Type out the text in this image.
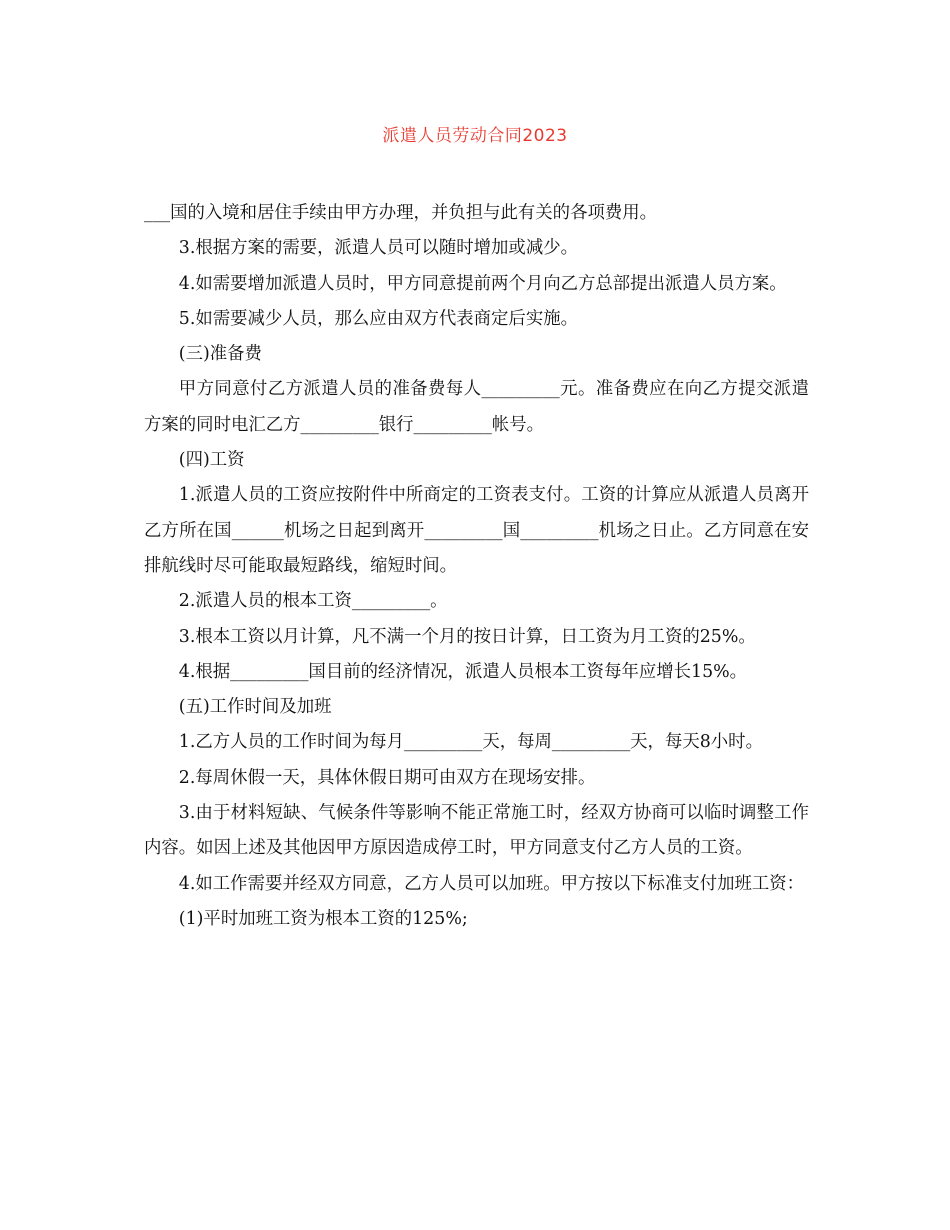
派遣人员劳动合同2023

___国的入境和居住手续由甲方办理，并负担与此有关的各项费用。

3.根据方案的需要，派遣人员可以随时增加或减少。

4.如需要增加派遣人员时，甲方同意提前两个月向乙方总部提出派遣人员方案。

5.如需要减少人员，那么应由双方代表商定后实施。

(三)准备费

甲方同意付乙方派遣人员的准备费每人_________元。准备费应在向乙方提交派遣方案的同时电汇乙方_________银行_________帐号。

(四)工资

1.派遣人员的工资应按附件中所商定的工资表支付。工资的计算应从派遣人员离开乙方所在国______机场之日起到离开_________国_________机场之日止。乙方同意在安排航线时尽可能取最短路线，缩短时间。

2.派遣人员的根本工资_________。

3.根本工资以月计算，凡不满一个月的按日计算，日工资为月工资的25%。

4.根据_________国目前的经济情况，派遣人员根本工资每年应增长15%。

(五)工作时间及加班

1.乙方人员的工作时间为每月_________天，每周_________天，每天8小时。

2.每周休假一天，具体休假日期可由双方在现场安排。

3.由于材料短缺、气候条件等影响不能正常施工时，经双方协商可以临时调整工作内容。如因上述及其他因甲方原因造成停工时，甲方同意支付乙方人员的工资。

4.如工作需要并经双方同意，乙方人员可以加班。甲方按以下标准支付加班工资：

(1)平时加班工资为根本工资的125%;
